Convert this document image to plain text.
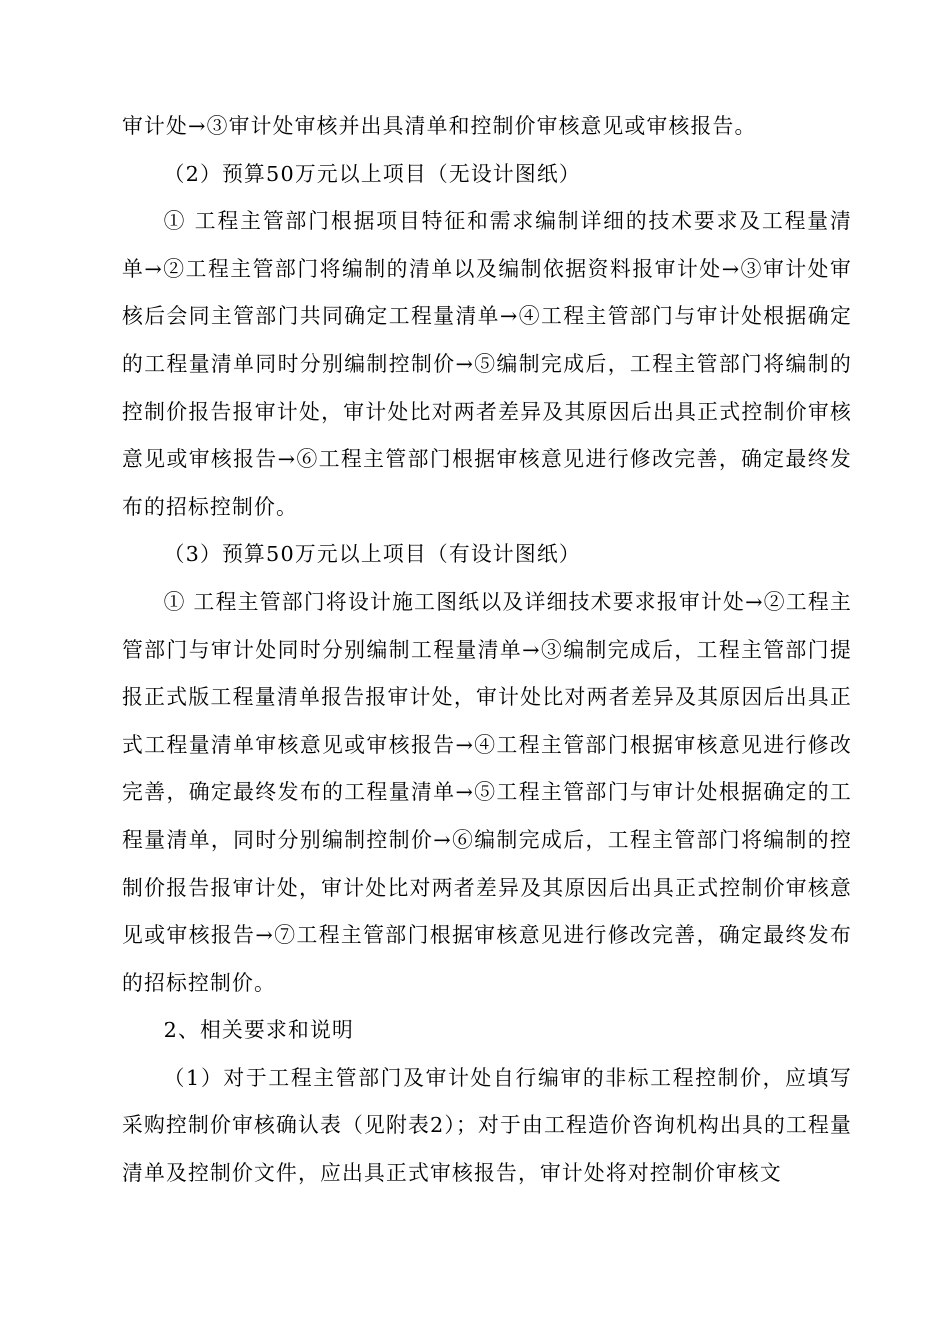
审计处→③审计处审核并出具清单和控制价审核意见或审核报告。

（2）预算50万元以上项目（无设计图纸）

① 工程主管部门根据项目特征和需求编制详细的技术要求及工程量清单→②工程主管部门将编制的清单以及编制依据资料报审计处→③审计处审核后会同主管部门共同确定工程量清单→④工程主管部门与审计处根据确定的工程量清单同时分别编制控制价→⑤编制完成后，工程主管部门将编制的控制价报告报审计处，审计处比对两者差异及其原因后出具正式控制价审核意见或审核报告→⑥工程主管部门根据审核意见进行修改完善，确定最终发布的招标控制价。

（3）预算50万元以上项目（有设计图纸）

① 工程主管部门将设计施工图纸以及详细技术要求报审计处→②工程主管部门与审计处同时分别编制工程量清单→③编制完成后，工程主管部门提报正式版工程量清单报告报审计处，审计处比对两者差异及其原因后出具正式工程量清单审核意见或审核报告→④工程主管部门根据审核意见进行修改完善，确定最终发布的工程量清单→⑤工程主管部门与审计处根据确定的工程量清单，同时分别编制控制价→⑥编制完成后，工程主管部门将编制的控制价报告报审计处，审计处比对两者差异及其原因后出具正式控制价审核意见或审核报告→⑦工程主管部门根据审核意见进行修改完善，确定最终发布的招标控制价。

2、相关要求和说明

（1）对于工程主管部门及审计处自行编审的非标工程控制价，应填写采购控制价审核确认表（见附表2）；对于由工程造价咨询机构出具的工程量清单及控制价文件，应出具正式审核报告，审计处将对控制价审核文
